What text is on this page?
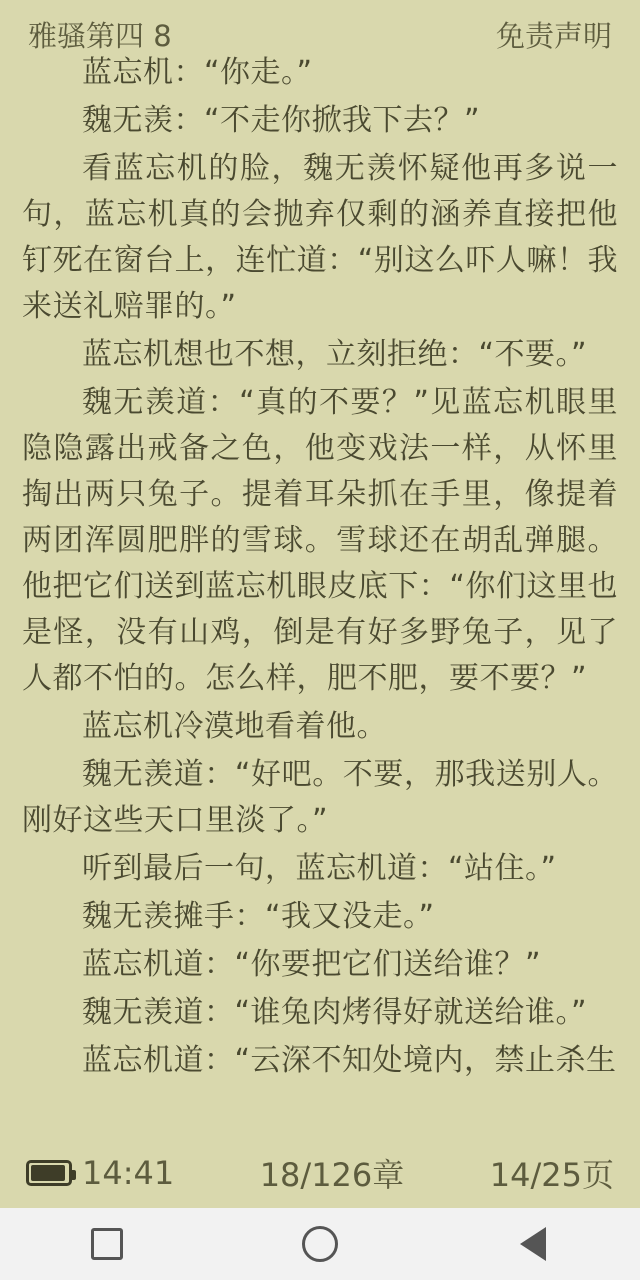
雅骚第四 8	免责声明

蓝忘机：“你走。”

魏无羡：“不走你掀我下去？”

看蓝忘机的脸，魏无羡怀疑他再多说一句，蓝忘机真的会抛弃仅剩的涵养直接把他钉死在窗台上，连忙道：“别这么吓人嘛！我来送礼赔罪的。”

蓝忘机想也不想，立刻拒绝：“不要。”

魏无羡道：“真的不要？”见蓝忘机眼里隐隐露出戒备之色，他变戏法一样，从怀里掏出两只兔子。提着耳朵抓在手里，像提着两团浑圆肥胖的雪球。雪球还在胡乱弹腿。他把它们送到蓝忘机眼皮底下：“你们这里也是怪，没有山鸡，倒是有好多野兔子，见了人都不怕的。怎么样，肥不肥，要不要？”

蓝忘机冷漠地看着他。

魏无羡道：“好吧。不要，那我送别人。刚好这些天口里淡了。”

听到最后一句，蓝忘机道：“站住。”

魏无羡摊手：“我又没走。”

蓝忘机道：“你要把它们送给谁？”

魏无羡道：“谁兔肉烤得好就送给谁。”

蓝忘机道：“云深不知处境内，禁止杀生

14:41	18/126章	14/25页
